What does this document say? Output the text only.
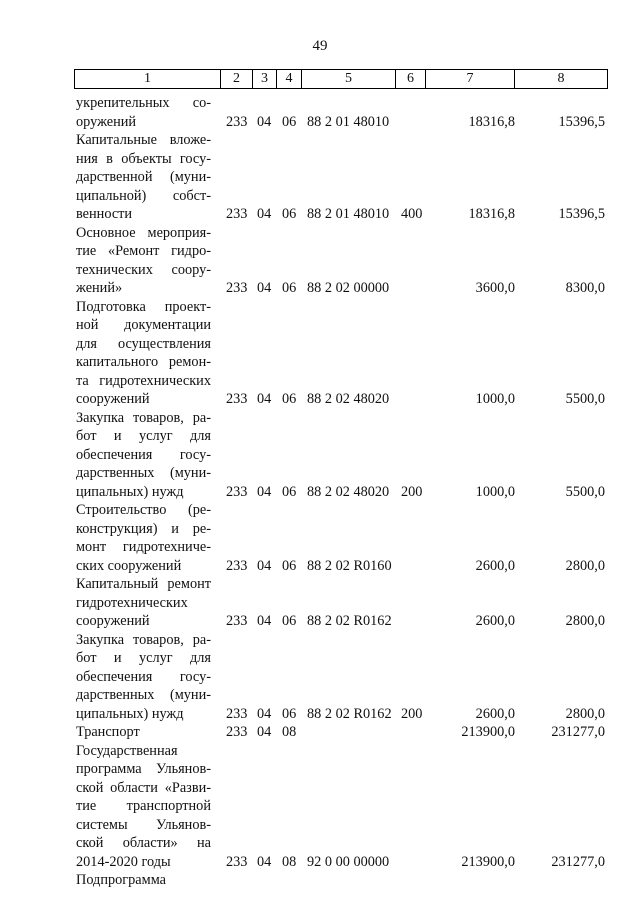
49
1	2	3	4	5	6	7	8
укрепительных со-
оружений	233 04 06 88 2 01 48010	18316,8	15396,5
Капитальные вложе-
ния в объекты госу-
дарственной (муни-
ципальной) собст-
венности	233 04 06 88 2 01 48010 400	18316,8	15396,5
Основное мероприя-
тие «Ремонт гидро-
технических соору-
жений»	233 04 06 88 2 02 00000	3600,0	8300,0
Подготовка проект-
ной документации
для осуществления
капитального ремон-
та гидротехнических
сооружений	233 04 06 88 2 02 48020	1000,0	5500,0
Закупка товаров, ра-
бот и услуг для
обеспечения госу-
дарственных (муни-
ципальных) нужд	233 04 06 88 2 02 48020 200	1000,0	5500,0
Строительство (ре-
конструкция) и ре-
монт гидротехниче-
ских сооружений	233 04 06 88 2 02 R0160	2600,0	2800,0
Капитальный ремонт
гидротехнических
сооружений	233 04 06 88 2 02 R0162	2600,0	2800,0
Закупка товаров, ра-
бот и услуг для
обеспечения госу-
дарственных (муни-
ципальных) нужд	233 04 06 88 2 02 R0162 200	2600,0	2800,0
Транспорт	233 04 08	213900,0	231277,0
Государственная
программа Ульянов-
ской области «Разви-
тие транспортной
системы Ульянов-
ской области» на
2014-2020 годы	233 04 08 92 0 00 00000	213900,0	231277,0
Подпрограмма
